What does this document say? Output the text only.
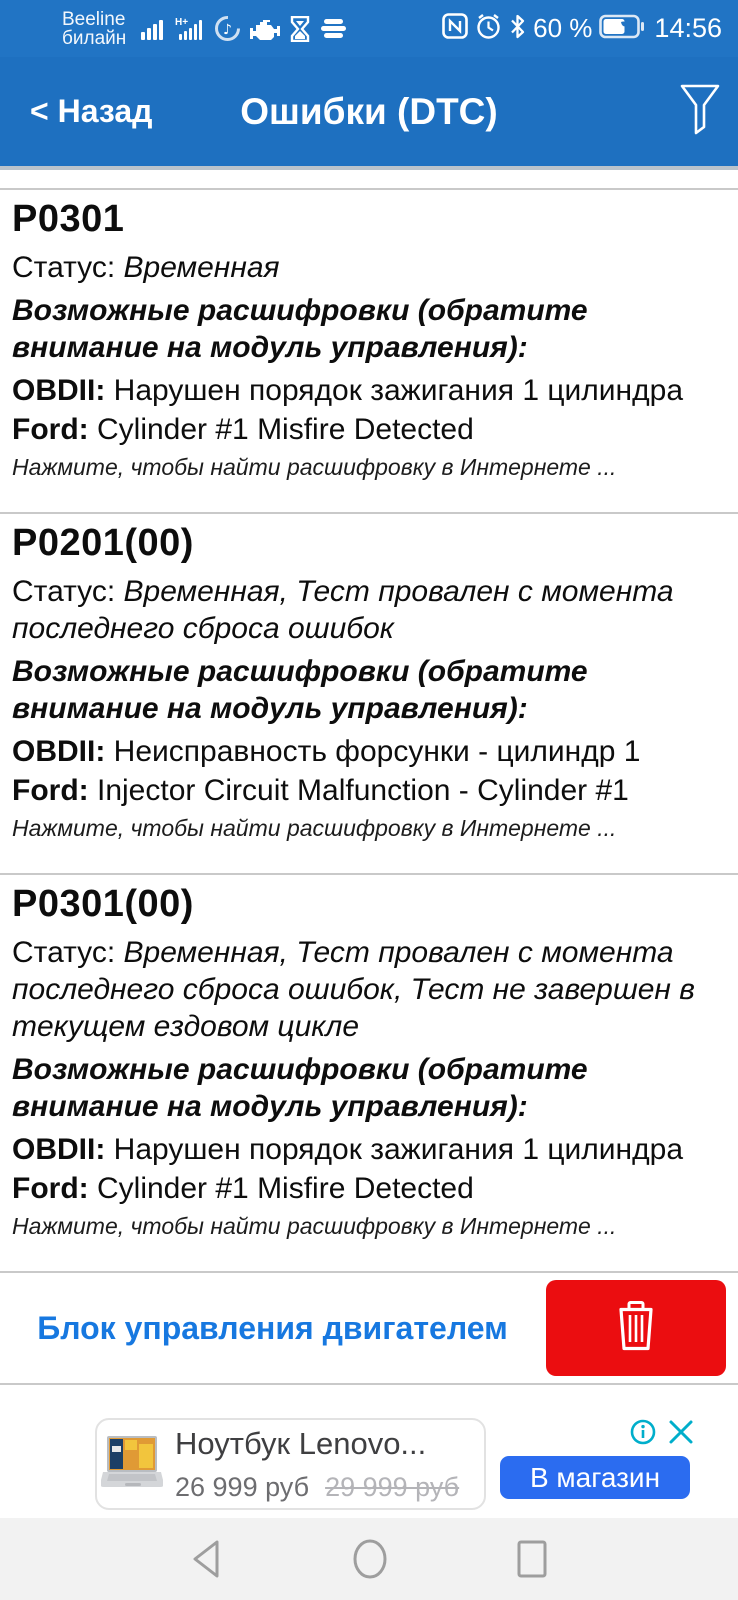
Beeline
билайн
H+ ♪	60 % 14:56
Ошибки (DTC)
< Назад
P0301

Статус: Временная

Возможные расшифровки (обратите внимание на модуль управления):

OBDII: Нарушен порядок зажигания 1 цилиндра

Ford: Cylinder #1 Misfire Detected

Нажмите, чтобы найти расшифровку в Интернете ...

P0201(00)

Статус: Временная, Тест провален с момента последнего сброса ошибок

Возможные расшифровки (обратите внимание на модуль управления):

OBDII: Неисправность форсунки - цилиндр 1

Ford: Injector Circuit Malfunction - Cylinder #1

Нажмите, чтобы найти расшифровку в Интернете ...

P0301(00)

Статус: Временная, Тест провален с момента последнего сброса ошибок, Тест не завершен в текущем ездовом цикле

Возможные расшифровки (обратите внимание на модуль управления):

OBDII: Нарушен порядок зажигания 1 цилиндра

Ford: Cylinder #1 Misfire Detected

Нажмите, чтобы найти расшифровку в Интернете ...

Блок управления двигателем
Ноутбук Lenovo...
26 999 руб 29 999 руб	В магазин
